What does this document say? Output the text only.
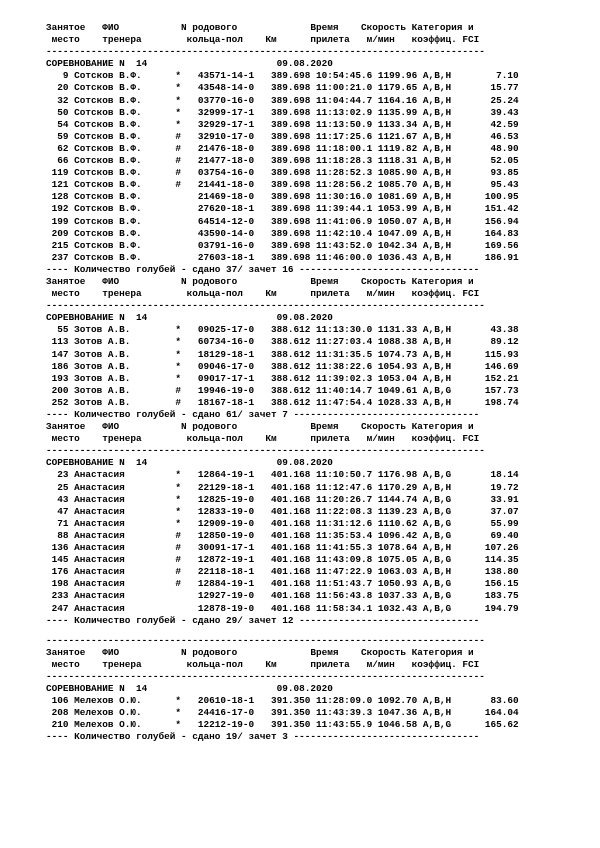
Занятое   ФИО           N родового             Время    Скорость Категория и
место    тренера        кольца-пол    Км      прилета   м/мин   коэффиц. FCI
------------------------------------------------------------------------------
СОРЕВНОВАНИЕ N  14                       09.08.2020
9 Сотсков В.Ф.      *   43571-14-1   389.698 10:54:45.6 1199.96 A,B,H        7.10
20 Сотсков В.Ф.      *   43548-14-0   389.698 11:00:21.0 1179.65 A,B,H       15.77
32 Сотсков В.Ф.      *   03770-16-0   389.698 11:04:44.7 1164.16 A,B,H       25.24
50 Сотсков В.Ф.      *   32999-17-1   389.698 11:13:02.9 1135.99 A,B,H       39.43
54 Сотсков В.Ф.      *   32929-17-1   389.698 11:13:50.9 1133.34 A,B,H       42.59
59 Сотсков В.Ф.      #   32910-17-0   389.698 11:17:25.6 1121.67 A,B,H       46.53
62 Сотсков В.Ф.      #   21476-18-0   389.698 11:18:00.1 1119.82 A,B,H       48.90
66 Сотсков В.Ф.      #   21477-18-0   389.698 11:18:28.3 1118.31 A,B,H       52.05
119 Сотсков В.Ф.      #   03754-16-0   389.698 11:28:52.3 1085.90 A,B,H       93.85
121 Сотсков В.Ф.      #   21441-18-0   389.698 11:28:56.2 1085.70 A,B,H       95.43
128 Сотсков В.Ф.          21469-18-0   389.698 11:30:16.0 1081.69 A,B,H      100.95
192 Сотсков В.Ф.          27620-18-1   389.698 11:39:44.1 1053.99 A,B,H      151.42
199 Сотсков В.Ф.          64514-12-0   389.698 11:41:06.9 1050.07 A,B,H      156.94
209 Сотсков В.Ф.          43590-14-0   389.698 11:42:10.4 1047.09 A,B,H      164.83
215 Сотсков В.Ф.          03791-16-0   389.698 11:43:52.0 1042.34 A,B,H      169.56
237 Сотсков В.Ф.          27603-18-1   389.698 11:46:00.0 1036.43 A,B,H      186.91
---- Количество голубей - сдано 37/ зачет 16 --------------------------------
Занятое   ФИО           N родового             Время    Скорость Категория и
место    тренера        кольца-пол    Км      прилета   м/мин   коэффиц. FCI
------------------------------------------------------------------------------
СОРЕВНОВАНИЕ N  14                       09.08.2020
55 Зотов А.В.        *   09025-17-0   388.612 11:13:30.0 1131.33 A,B,H       43.38
113 Зотов А.В.        *   60734-16-0   388.612 11:27:03.4 1088.38 A,B,H       89.12
147 Зотов А.В.        *   18129-18-1   388.612 11:31:35.5 1074.73 A,B,H      115.93
186 Зотов А.В.        *   09046-17-0   388.612 11:38:22.6 1054.93 A,B,H      146.69
193 Зотов А.В.        *   09017-17-1   388.612 11:39:02.3 1053.04 A,B,H      152.21
200 Зотов А.В.        #   19946-19-0   388.612 11:40:14.7 1049.61 A,B,G      157.73
252 Зотов А.В.        #   18167-18-1   388.612 11:47:54.4 1028.33 A,B,H      198.74
---- Количество голубей - сдано 61/ зачет 7 ---------------------------------
Занятое   ФИО           N родового             Время    Скорость Категория и
место    тренера        кольца-пол    Км      прилета   м/мин   коэффиц. FCI
------------------------------------------------------------------------------
СОРЕВНОВАНИЕ N  14                       09.08.2020
23 Анастасия         *   12864-19-1   401.168 11:10:50.7 1176.98 A,B,G       18.14
25 Анастасия         *   22129-18-1   401.168 11:12:47.6 1170.29 A,B,H       19.72
43 Анастасия         *   12825-19-0   401.168 11:20:26.7 1144.74 A,B,G       33.91
47 Анастасия         *   12833-19-0   401.168 11:22:08.3 1139.23 A,B,G       37.07
71 Анастасия         *   12909-19-0   401.168 11:31:12.6 1110.62 A,B,G       55.99
88 Анастасия         #   12850-19-0   401.168 11:35:53.4 1096.42 A,B,G       69.40
136 Анастасия         #   30091-17-1   401.168 11:41:55.3 1078.64 A,B,H      107.26
145 Анастасия         #   12872-19-1   401.168 11:43:09.8 1075.05 A,B,G      114.35
176 Анастасия         #   22118-18-1   401.168 11:47:22.9 1063.03 A,B,H      138.80
198 Анастасия         #   12884-19-1   401.168 11:51:43.7 1050.93 A,B,G      156.15
233 Анастасия             12927-19-0   401.168 11:56:43.8 1037.33 A,B,G      183.75
247 Анастасия             12878-19-0   401.168 11:58:34.1 1032.43 A,B,G      194.79
---- Количество голубей - сдано 29/ зачет 12 --------------------------------
------------------------------------------------------------------------------
Занятое   ФИО           N родового             Время    Скорость Категория и
место    тренера        кольца-пол    Км      прилета   м/мин   коэффиц. FCI
------------------------------------------------------------------------------
СОРЕВНОВАНИЕ N  14                       09.08.2020
106 Мелехов О.Ю.      *   20610-18-1   391.350 11:28:09.0 1092.70 A,B,H       83.60
208 Мелехов О.Ю.      *   24416-17-0   391.350 11:43:39.3 1047.36 A,B,H      164.04
210 Мелехов О.Ю.      *   12212-19-0   391.350 11:43:55.9 1046.58 A,B,G      165.62
---- Количество голубей - сдано 19/ зачет 3 ---------------------------------
